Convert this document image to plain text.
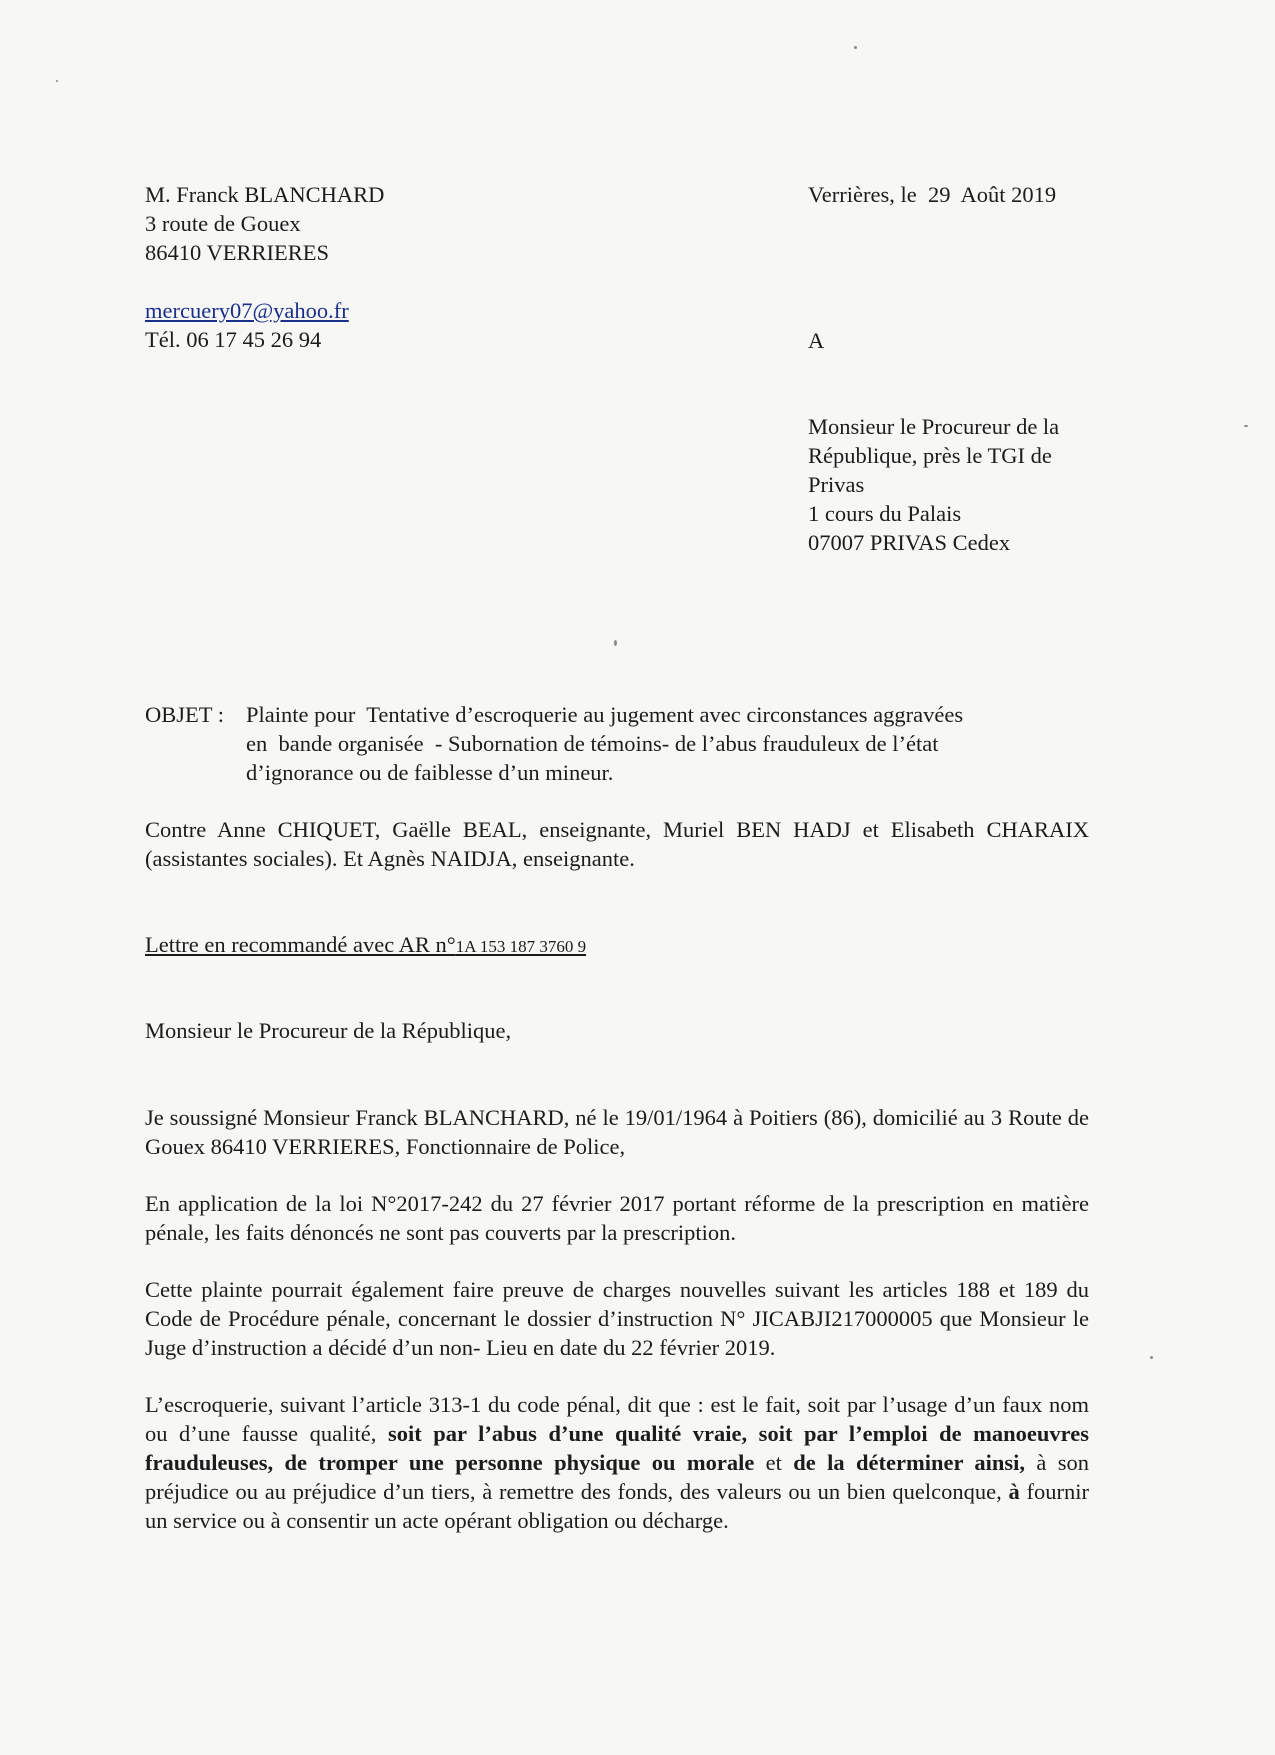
M. Franck BLANCHARD
3 route de Gouex
86410 VERRIERES
mercuery07@yahoo.fr
Tél. 06 17 45 26 94
Verrières, le  29  Août 2019
A
Monsieur le Procureur de la
République, près le TGI de
Privas
1 cours du Palais
07007 PRIVAS Cedex
OBJET : Plainte pour  Tentative d’escroquerie au jugement avec circonstances aggravées
en  bande organisée  - Subornation de témoins- de l’abus frauduleux de l’état
d’ignorance ou de faiblesse d’un mineur.
Contre Anne CHIQUET, Gaëlle BEAL, enseignante, Muriel BEN HADJ et Elisabeth CHARAIX (assistantes sociales). Et Agnès NAIDJA, enseignante.
Lettre en recommandé avec AR n°1A 153 187 3760 9
Monsieur le Procureur de la République,
Je soussigné Monsieur Franck BLANCHARD, né le 19/01/1964 à Poitiers (86), domicilié au 3 Route de Gouex 86410 VERRIERES, Fonctionnaire de Police,
En application de la loi N°2017-242 du 27 février 2017 portant réforme de la prescription en matière pénale, les faits dénoncés ne sont pas couverts par la prescription.
Cette plainte pourrait également faire preuve de charges nouvelles suivant les articles 188 et 189 du Code de Procédure pénale, concernant le dossier d’instruction N° JICABJI217000005 que Monsieur le Juge d’instruction a décidé d’un non- Lieu en date du 22 février 2019.
L’escroquerie, suivant l’article 313-1 du code pénal, dit que : est le fait, soit par l’usage d’un faux nom ou d’une fausse qualité, soit par l’abus d’une qualité vraie, soit par l’emploi de manoeuvres frauduleuses, de tromper une personne physique ou morale et de la déterminer ainsi, à son préjudice ou au préjudice d’un tiers, à remettre des fonds, des valeurs ou un bien quelconque, à fournir un service ou à consentir un acte opérant obligation ou décharge.
